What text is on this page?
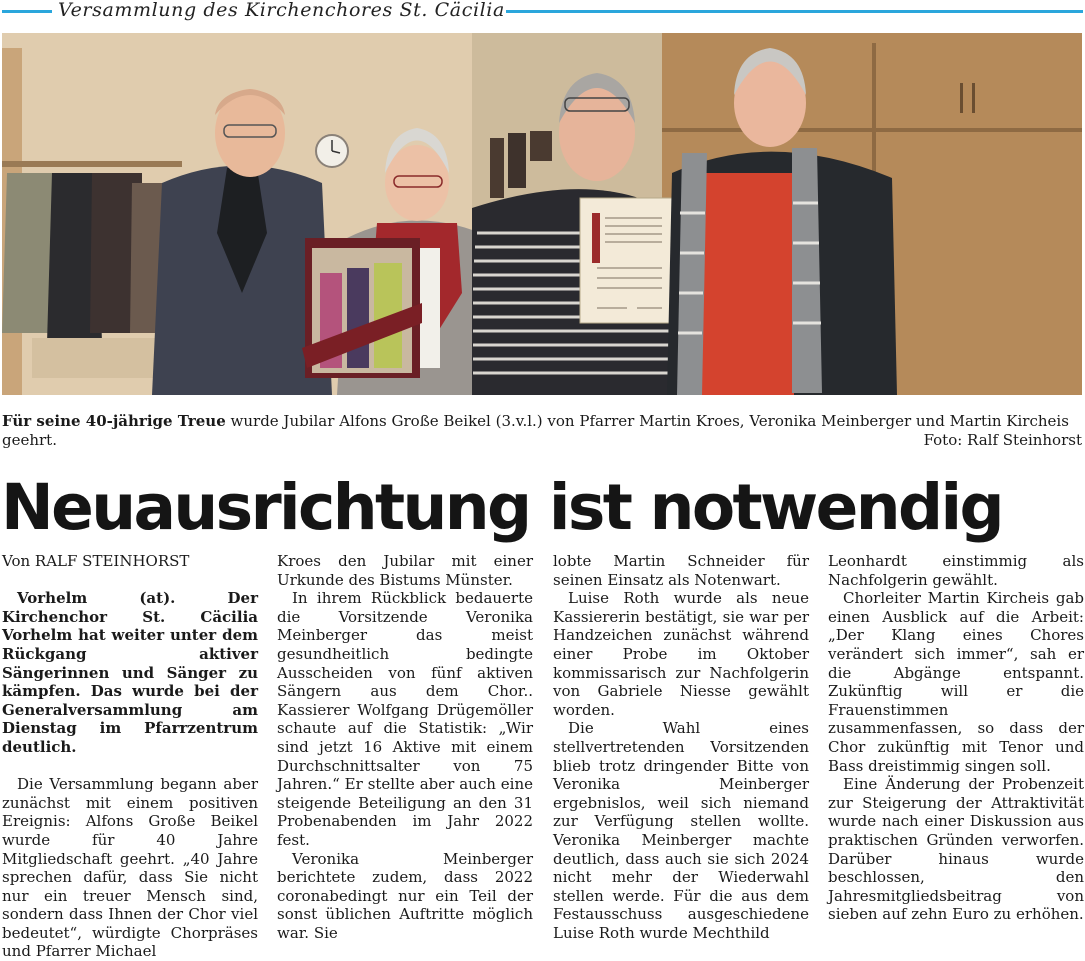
Versammlung des Kirchenchores St. Cäcilia
Für seine 40-jährige Treue wurde Jubilar Alfons Große Beikel (3.v.l.) von Pfarrer Martin Kroes, Veronika Meinberger und Martin Kircheis geehrt.	Foto: Ralf Steinhorst
Neuausrichtung ist notwendig

Von RALF STEINHORST

Vorhelm (at). Der Kirchenchor St. Cäcilia Vorhelm hat weiter unter dem Rückgang aktiver Sängerinnen und Sänger zu kämpfen. Das wurde bei der Generalversammlung am Dienstag im Pfarrzentrum deutlich.

Die Versammlung begann aber zunächst mit einem positiven Ereignis: Alfons Große Beikel wurde für 40 Jahre Mitgliedschaft geehrt. „40 Jahre sprechen dafür, dass Sie nicht nur ein treuer Mensch sind, sondern dass Ihnen der Chor viel bedeutet“, würdigte Chorpräses und Pfarrer Michael

Kroes den Jubilar mit einer Urkunde des Bistums Münster.

In ihrem Rückblick bedauerte die Vorsitzende Veronika Meinberger das meist gesundheitlich bedingte Ausscheiden von fünf aktiven Sängern aus dem Chor.. Kassierer Wolfgang Drügemöller schaute auf die Statistik: „Wir sind jetzt 16 Aktive mit einem Durchschnittsalter von 75 Jahren.“ Er stellte aber auch eine steigende Beteiligung an den 31 Probenabenden im Jahr 2022 fest.

Veronika Meinberger berichtete zudem, dass 2022 coronabedingt nur ein Teil der sonst üblichen Auftritte möglich war. Sie

lobte Martin Schneider für seinen Einsatz als Notenwart.

Luise Roth wurde als neue Kassiererin bestätigt, sie war per Handzeichen zunächst während einer Probe im Oktober kommissarisch zur Nachfolgerin von Gabriele Niesse gewählt worden.

Die Wahl eines stellvertretenden Vorsitzenden blieb trotz dringender Bitte von Veronika Meinberger ergebnislos, weil sich niemand zur Verfügung stellen wollte. Veronika Meinberger machte deutlich, dass auch sie sich 2024 nicht mehr der Wiederwahl stellen werde. Für die aus dem Festausschuss ausgeschiedene Luise Roth wurde Mechthild

Leonhardt einstimmig als Nachfolgerin gewählt.

Chorleiter Martin Kircheis gab einen Ausblick auf die Arbeit: „Der Klang eines Chores verändert sich immer“, sah er die Abgänge entspannt. Zukünftig will er die Frauenstimmen zusammenfassen, so dass der Chor zukünftig mit Tenor und Bass dreistimmig singen soll.

Eine Änderung der Probenzeit zur Steigerung der Attraktivität wurde nach einer Diskussion aus praktischen Gründen verworfen. Darüber hinaus wurde beschlossen, den Jahresmitgliedsbeitrag von sieben auf zehn Euro zu erhöhen.
